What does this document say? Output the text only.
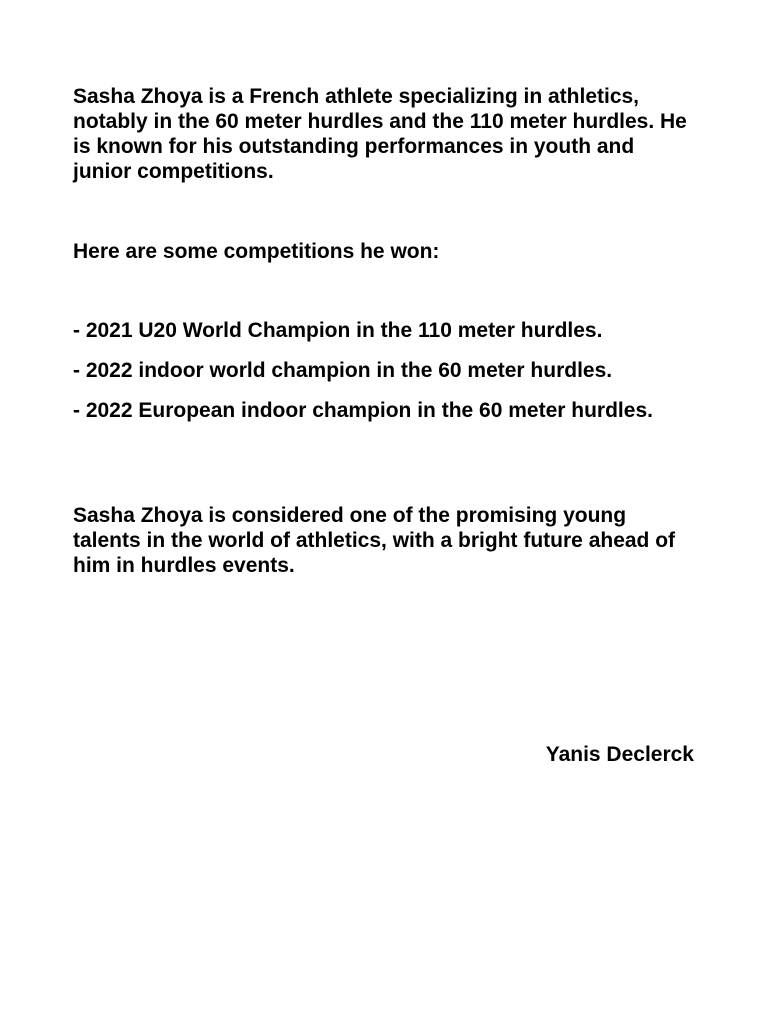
Sasha Zhoya is a French athlete specializing in athletics, notably in the 60 meter hurdles and the 110 meter hurdles. He is known for his outstanding performances in youth and junior competitions.

Here are some competitions he won:

- 2021 U20 World Champion in the 110 meter hurdles.

- 2022 indoor world champion in the 60 meter hurdles.

- 2022 European indoor champion in the 60 meter hurdles.

Sasha Zhoya is considered one of the promising young talents in the world of athletics, with a bright future ahead of him in hurdles events.

Yanis Declerck
